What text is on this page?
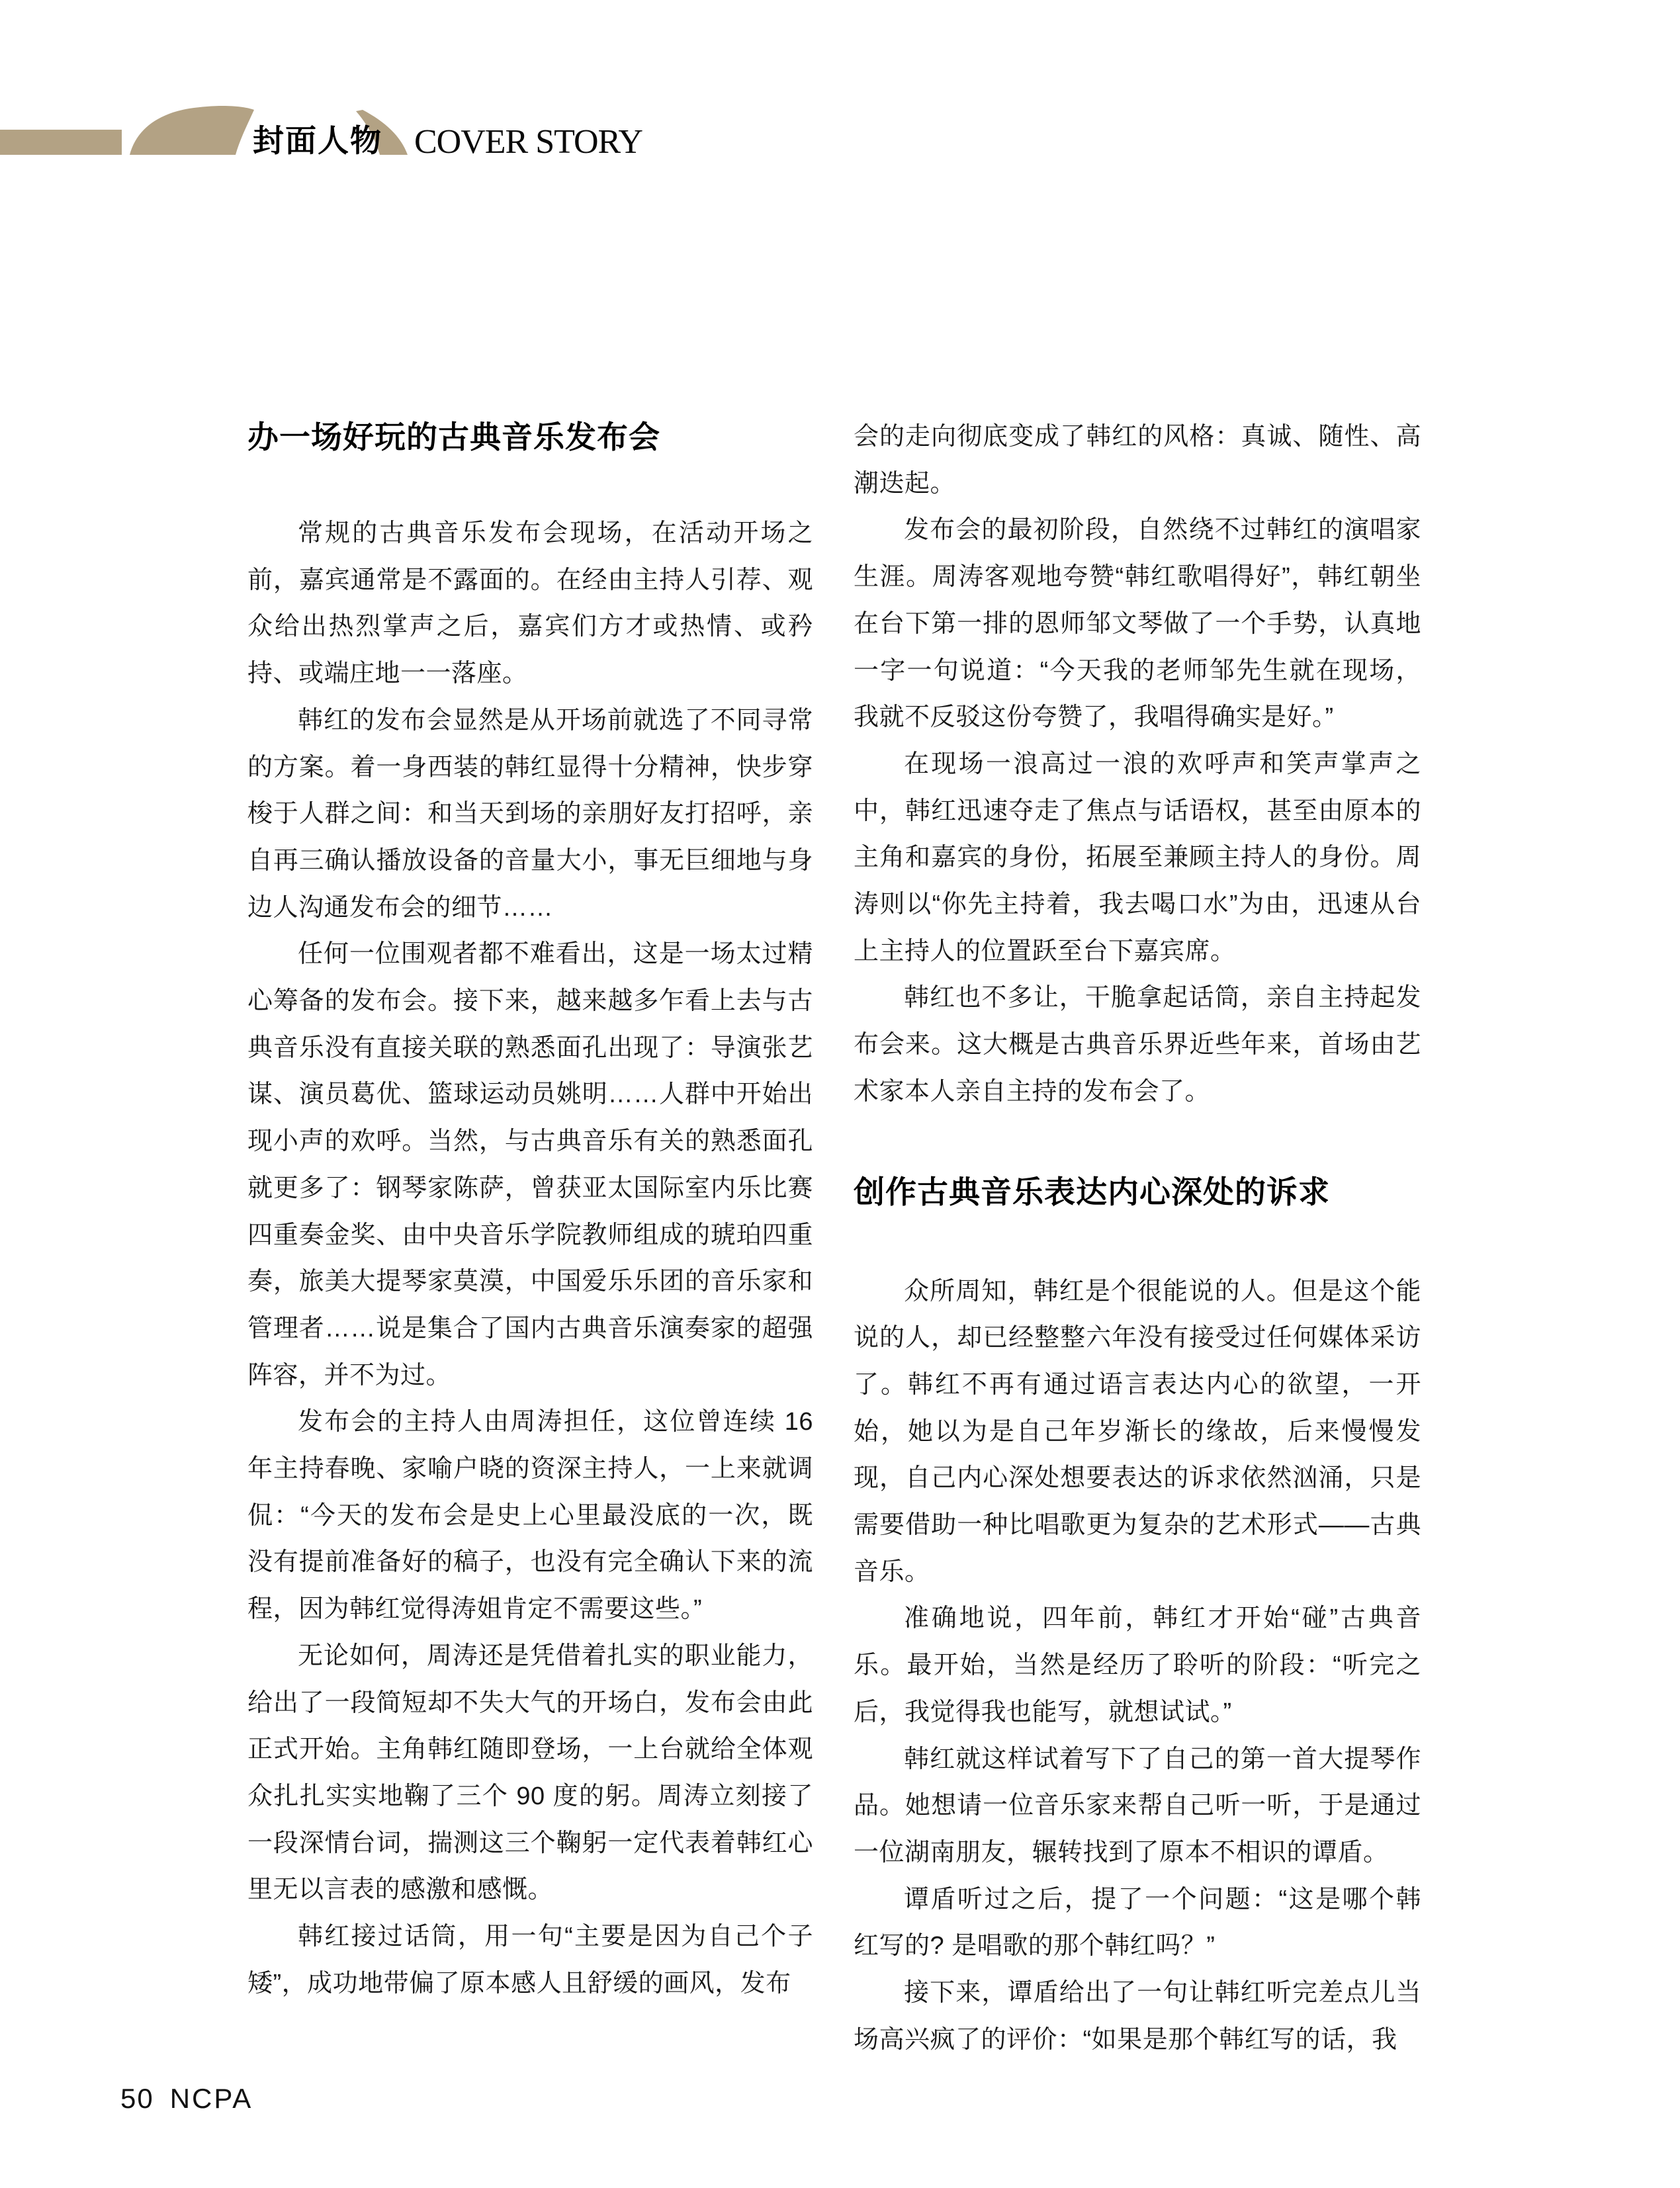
封面人物 COVER STORY
办一场好玩的古典音乐发布会

常规的古典音乐发布会现场，在活动开场之前，嘉宾通常是不露面的。在经由主持人引荐、观众给出热烈掌声之后，嘉宾们方才或热情、或矜持、或端庄地一一落座。

韩红的发布会显然是从开场前就选了不同寻常的方案。着一身西装的韩红显得十分精神，快步穿梭于人群之间：和当天到场的亲朋好友打招呼，亲自再三确认播放设备的音量大小，事无巨细地与身边人沟通发布会的细节……

任何一位围观者都不难看出，这是一场太过精心筹备的发布会。接下来，越来越多乍看上去与古典音乐没有直接关联的熟悉面孔出现了：导演张艺谋、演员葛优、篮球运动员姚明……人群中开始出现小声的欢呼。当然，与古典音乐有关的熟悉面孔就更多了：钢琴家陈萨，曾获亚太国际室内乐比赛四重奏金奖、由中央音乐学院教师组成的琥珀四重奏，旅美大提琴家莫漠，中国爱乐乐团的音乐家和管理者……说是集合了国内古典音乐演奏家的超强阵容，并不为过。

发布会的主持人由周涛担任，这位曾连续 16 年主持春晚、家喻户晓的资深主持人，一上来就调侃：“今天的发布会是史上心里最没底的一次，既没有提前准备好的稿子，也没有完全确认下来的流程，因为韩红觉得涛姐肯定不需要这些。”

无论如何，周涛还是凭借着扎实的职业能力，给出了一段简短却不失大气的开场白，发布会由此正式开始。主角韩红随即登场，一上台就给全体观众扎扎实实地鞠了三个 90 度的躬。周涛立刻接了一段深情台词，揣测这三个鞠躬一定代表着韩红心里无以言表的感激和感慨。

韩红接过话筒，用一句“主要是因为自己个子矮”，成功地带偏了原本感人且舒缓的画风，发布

会的走向彻底变成了韩红的风格：真诚、随性、高潮迭起。

发布会的最初阶段，自然绕不过韩红的演唱家生涯。周涛客观地夸赞“韩红歌唱得好”，韩红朝坐在台下第一排的恩师邹文琴做了一个手势，认真地一字一句说道：“今天我的老师邹先生就在现场，我就不反驳这份夸赞了，我唱得确实是好。”

在现场一浪高过一浪的欢呼声和笑声掌声之中，韩红迅速夺走了焦点与话语权，甚至由原本的主角和嘉宾的身份，拓展至兼顾主持人的身份。周涛则以“你先主持着，我去喝口水”为由，迅速从台上主持人的位置跃至台下嘉宾席。

韩红也不多让，干脆拿起话筒，亲自主持起发布会来。这大概是古典音乐界近些年来，首场由艺术家本人亲自主持的发布会了。

创作古典音乐表达内心深处的诉求

众所周知，韩红是个很能说的人。但是这个能说的人，却已经整整六年没有接受过任何媒体采访了。韩红不再有通过语言表达内心的欲望，一开始，她以为是自己年岁渐长的缘故，后来慢慢发现，自己内心深处想要表达的诉求依然汹涌，只是需要借助一种比唱歌更为复杂的艺术形式——古典音乐。

准确地说，四年前，韩红才开始“碰”古典音乐。最开始，当然是经历了聆听的阶段：“听完之后，我觉得我也能写，就想试试。”

韩红就这样试着写下了自己的第一首大提琴作品。她想请一位音乐家来帮自己听一听，于是通过一位湖南朋友，辗转找到了原本不相识的谭盾。

谭盾听过之后，提了一个问题：“这是哪个韩红写的? 是唱歌的那个韩红吗？”

接下来，谭盾给出了一句让韩红听完差点儿当场高兴疯了的评价：“如果是那个韩红写的话，我

50 NCPA
